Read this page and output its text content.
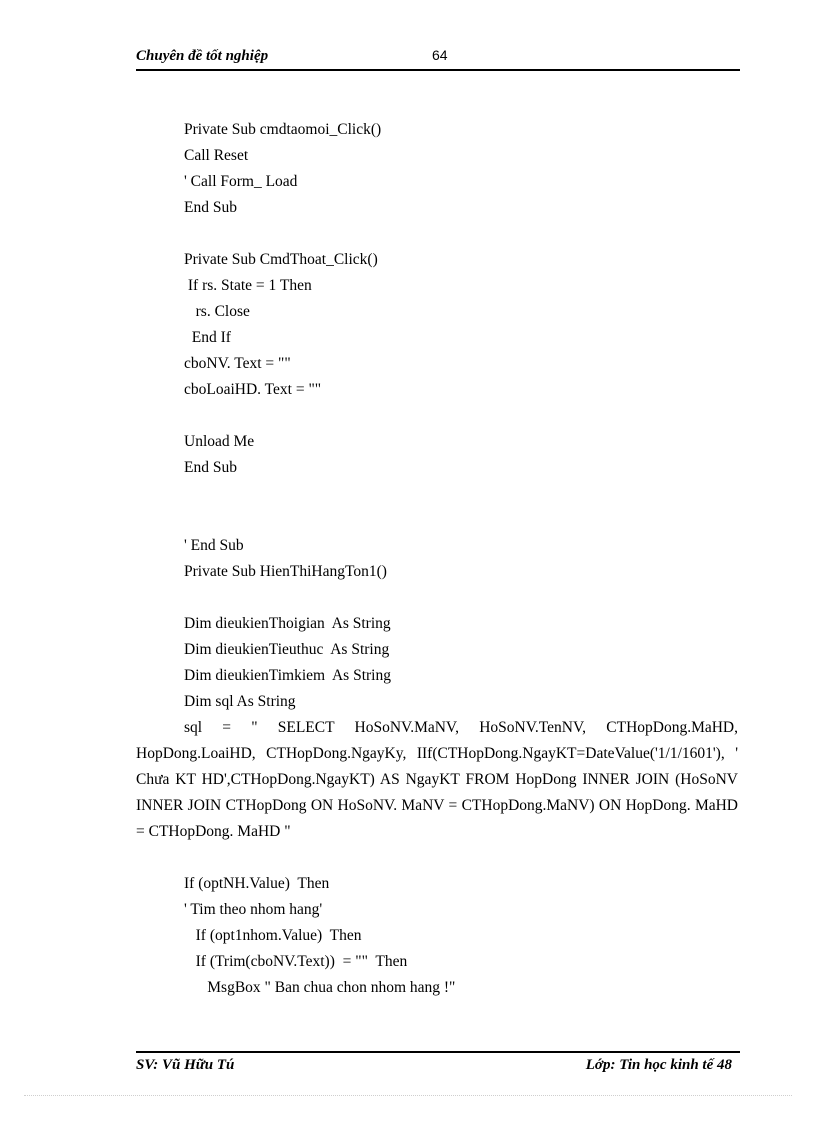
Chuyên đề tốt nghiệp	64
Private Sub cmdtaomoi_Click()
Call Reset
' Call Form_ Load
End Sub
Private Sub CmdThoat_Click()
If rs. State = 1 Then
rs. Close
End If
cboNV. Text = ""
cboLoaiHD. Text = ""
Unload Me
End Sub
' End Sub
Private Sub HienThiHangTon1()
Dim dieukienThoigian  As String
Dim dieukienTieuthuc  As String
Dim dieukienTimkiem  As String
Dim sql As String

sql = " SELECT HoSoNV.MaNV, HoSoNV.TenNV, CTHopDong.MaHD, HopDong.LoaiHD, CTHopDong.NgayKy, IIf(CTHopDong.NgayKT=DateValue('1/1/1601'), ' Chưa KT HD',CTHopDong.NgayKT) AS NgayKT FROM HopDong INNER JOIN (HoSoNV INNER JOIN CTHopDong ON HoSoNV. MaNV = CTHopDong.MaNV) ON HopDong. MaHD = CTHopDong. MaHD "

If (optNH.Value)  Then
' Tim theo nhom hang'
If (opt1nhom.Value)  Then
If (Trim(cboNV.Text))  = ""  Then
MsgBox " Ban chua chon nhom hang !"
SV: Vũ Hữu Tú	Lớp: Tin học kinh tế 48
